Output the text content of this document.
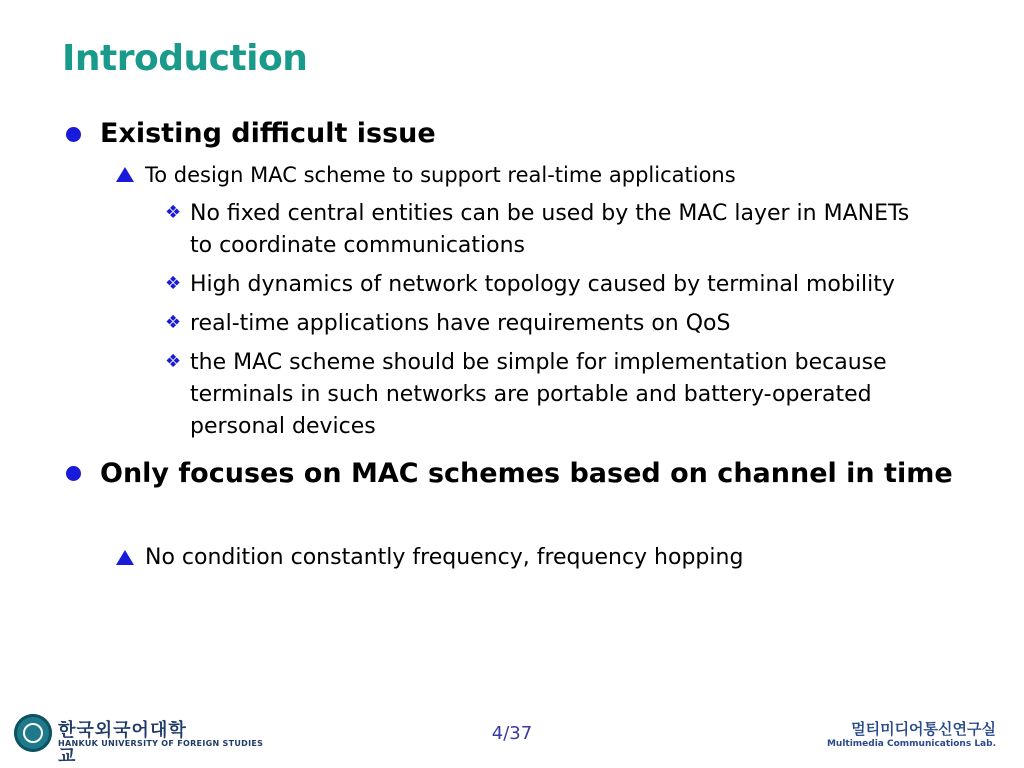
Introduction
Existing difficult issue
To design MAC scheme to support real-time applications
❖ No fixed central entities can be used by the MAC layer in MANETs to coordinate communications
❖ High dynamics of network topology caused by terminal mobility
❖ real-time applications have requirements on QoS
❖ the MAC scheme should be simple for implementation because terminals in such networks are portable and battery-operated personal devices
Only focuses on MAC schemes based on channel in time
No condition constantly frequency, frequency hopping
한국외국어대학교
HANKUK UNIVERSITY OF FOREIGN STUDIES	4/37	멀티미디어통신연구실
Multimedia Communications Lab.
